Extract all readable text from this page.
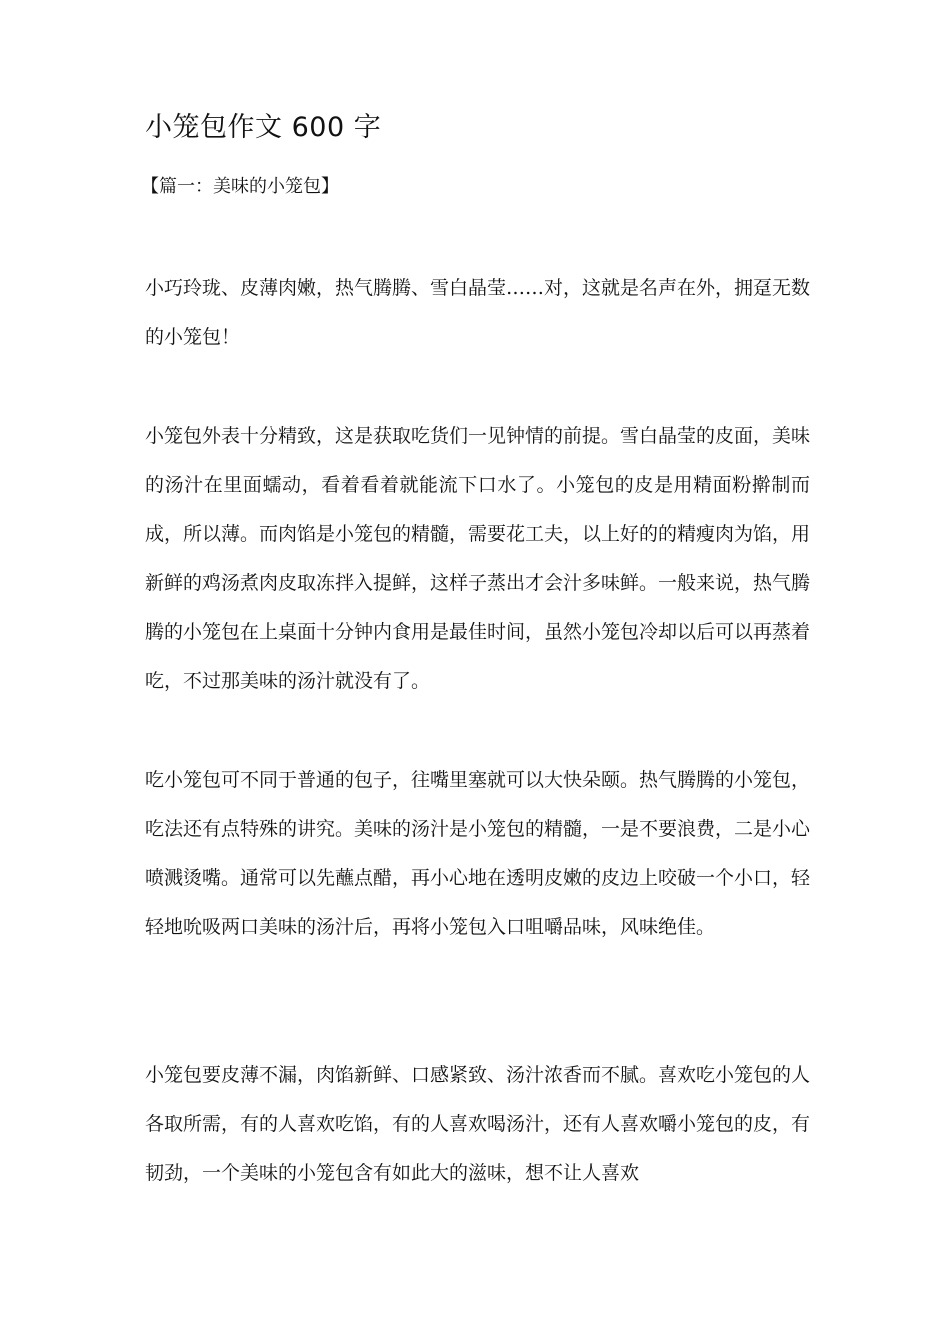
小笼包作文 600 字
【篇一：美味的小笼包】

小巧玲珑、皮薄肉嫩，热气腾腾、雪白晶莹……对，这就是名声在外，拥趸无数的小笼包！

小笼包外表十分精致，这是获取吃货们一见钟情的前提。雪白晶莹的皮面，美味的汤汁在里面蠕动，看着看着就能流下口水了。小笼包的皮是用精面粉擀制而成，所以薄。而肉馅是小笼包的精髓，需要花工夫，以上好的的精瘦肉为馅，用新鲜的鸡汤煮肉皮取冻拌入提鲜，这样子蒸出才会汁多味鲜。一般来说，热气腾腾的小笼包在上桌面十分钟内食用是最佳时间，虽然小笼包冷却以后可以再蒸着吃，不过那美味的汤汁就没有了。

吃小笼包可不同于普通的包子，往嘴里塞就可以大快朵颐。热气腾腾的小笼包，吃法还有点特殊的讲究。美味的汤汁是小笼包的精髓，一是不要浪费，二是小心喷溅烫嘴。通常可以先蘸点醋，再小心地在透明皮嫩的皮边上咬破一个小口，轻轻地吮吸两口美味的汤汁后，再将小笼包入口咀嚼品味，风味绝佳。

小笼包要皮薄不漏，肉馅新鲜、口感紧致、汤汁浓香而不腻。喜欢吃小笼包的人各取所需，有的人喜欢吃馅，有的人喜欢喝汤汁，还有人喜欢嚼小笼包的皮，有韧劲，一个美味的小笼包含有如此大的滋味，想不让人喜欢
